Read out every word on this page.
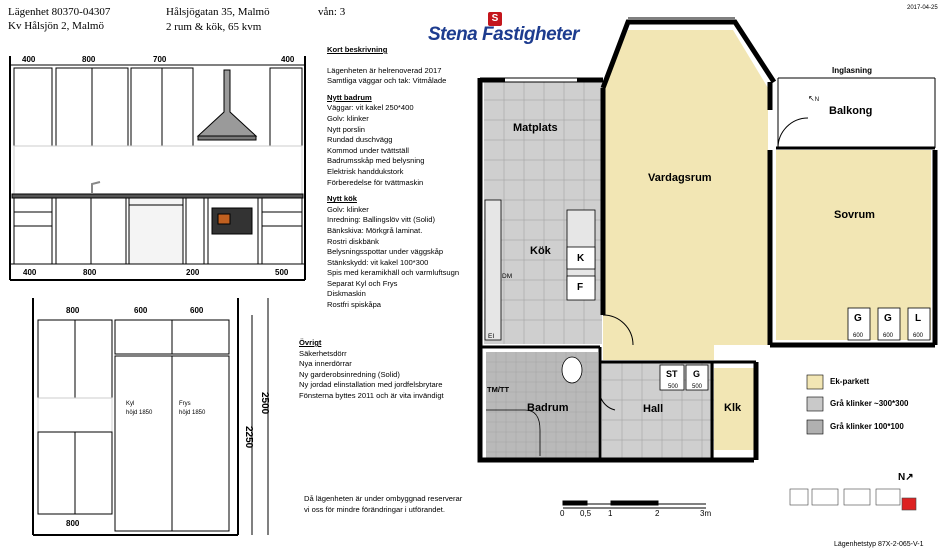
Lägenhet 80370-04307
Kv Hålsjön 2, Malmö
Hålsjögatan 35, Malmö	vån: 3
2 rum & kök, 65 kvm
2017-04-25
S
Stena Fastigheter
400	800	700	400
400	800	200	500
800	600	600
800
2500
2250
Kyl
höjd 1850
Frys
höjd 1850
Kort beskrivning
Lägenheten är helrenoverad 2017
Samtliga väggar och tak: Vitmålade
Nytt badrum
Väggar: vit kakel 250*400
Golv: klinker
Nytt porslin
Rundad duschvägg
Kommod under tvättställ
Badrumsskåp med belysning
Elektrisk handdukstork
Förberedelse för tvättmaskin
Nytt kök
Golv: klinker
Inredning: Ballingslöv vitt (Solid)
Bänkskiva: Mörkgrå laminat.
Rostri diskbänk
Belysningsspottar under väggskåp
Stänkskydd: vit kakel 100*300
Spis med keramikhäll och varmluftsugn
Separat Kyl och Frys
Diskmaskin
Rostfri spiskåpa
Övrigt
Säkerhetsdörr
Nya innerdörrar
Ny garderobsinredning (Solid)
Ny jordad elinstallation med jordfelsbrytare
Fönsterna byttes 2011 och är vita invändigt
Då lägenheten är under ombyggnad reserverar
vi oss för mindre förändringar i utförandet.
Matplats
Kök
Vardagsrum
Sovrum
Balkong
Inglasning
Badrum	Hall	Klk
K
F
DM
EI
TM/TT
ST
500
G
500
G
600
G
600
L
600
↖N
N↗
Ek-parkett
Grå klinker ~300*300
Grå klinker 100*100
0 0,5 1	2	3m
Lägenhetstyp 87X-2-065-V-1
